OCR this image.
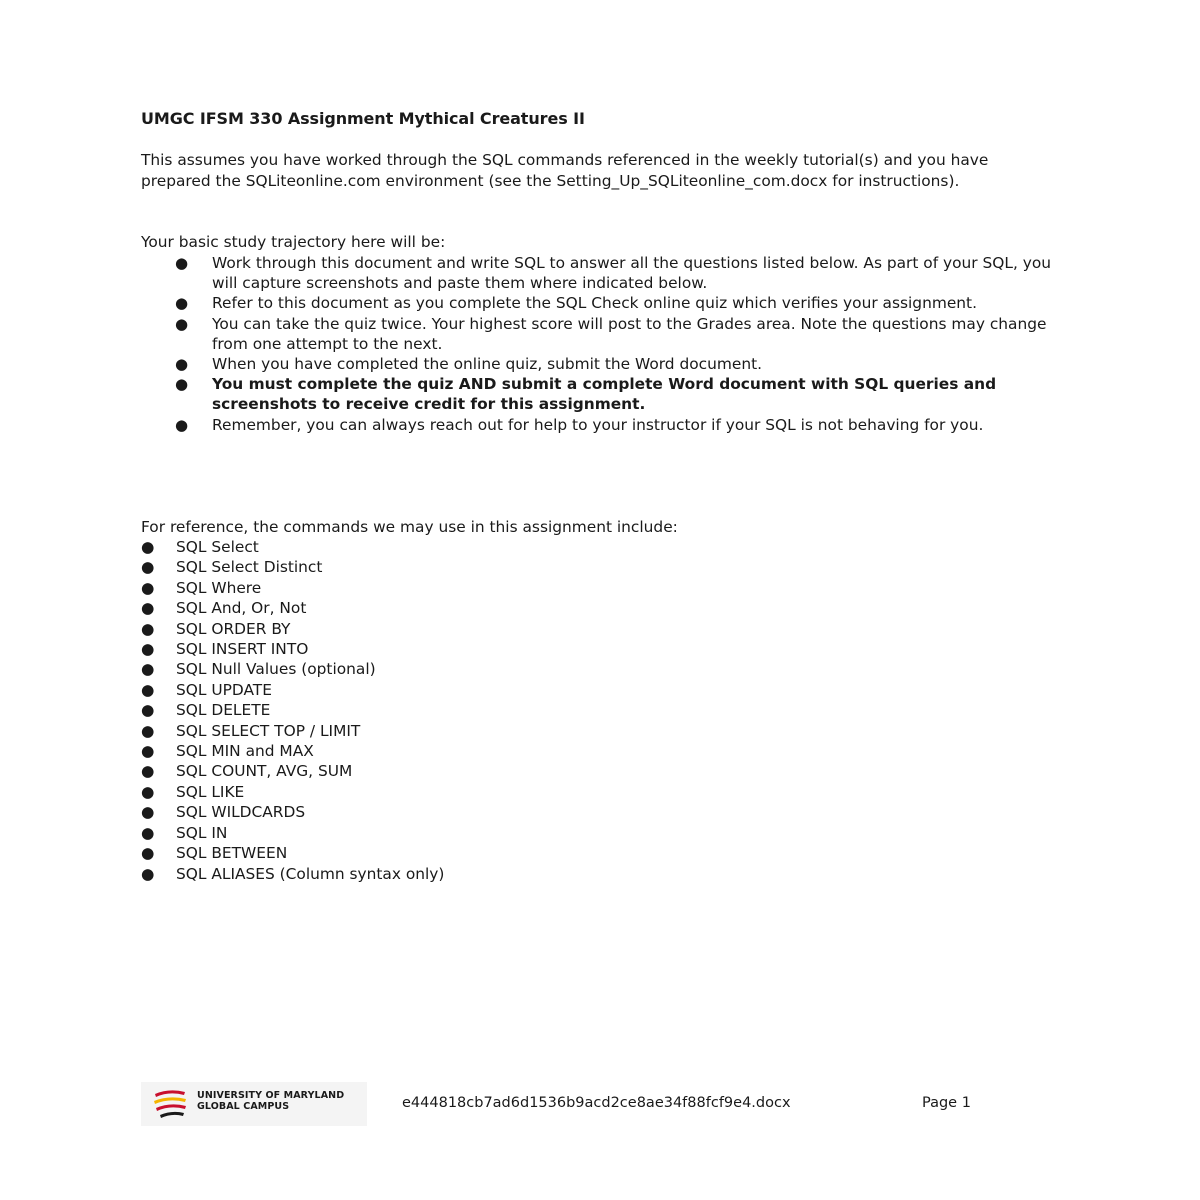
UMGC IFSM 330 Assignment Mythical Creatures II

This assumes you have worked through the SQL commands referenced in the weekly tutorial(s) and you have prepared the SQLiteonline.com environment (see the Setting_Up_SQLiteonline_com.docx for instructions).

Your basic study trajectory here will be:

● Work through this document and write SQL to answer all the questions listed below. As part of your SQL, you will capture screenshots and paste them where indicated below.
● Refer to this document as you complete the SQL Check online quiz which verifies your assignment.
● You can take the quiz twice. Your highest score will post to the Grades area. Note the questions may change from one attempt to the next.
● When you have completed the online quiz, submit the Word document.
● You must complete the quiz AND submit a complete Word document with SQL queries and screenshots to receive credit for this assignment.
● Remember, you can always reach out for help to your instructor if your SQL is not behaving for you.

For reference, the commands we may use in this assignment include:

● SQL Select
● SQL Select Distinct
● SQL Where
● SQL And, Or, Not
● SQL ORDER BY
● SQL INSERT INTO
● SQL Null Values (optional)
● SQL UPDATE
● SQL DELETE
● SQL SELECT TOP / LIMIT
● SQL MIN and MAX
● SQL COUNT, AVG, SUM
● SQL LIKE
● SQL WILDCARDS
● SQL IN
● SQL BETWEEN
● SQL ALIASES (Column syntax only)
UNIVERSITY OF MARYLAND
GLOBAL CAMPUS	e444818cb7ad6d1536b9acd2ce8ae34f88fcf9e4.docx	Page 1
